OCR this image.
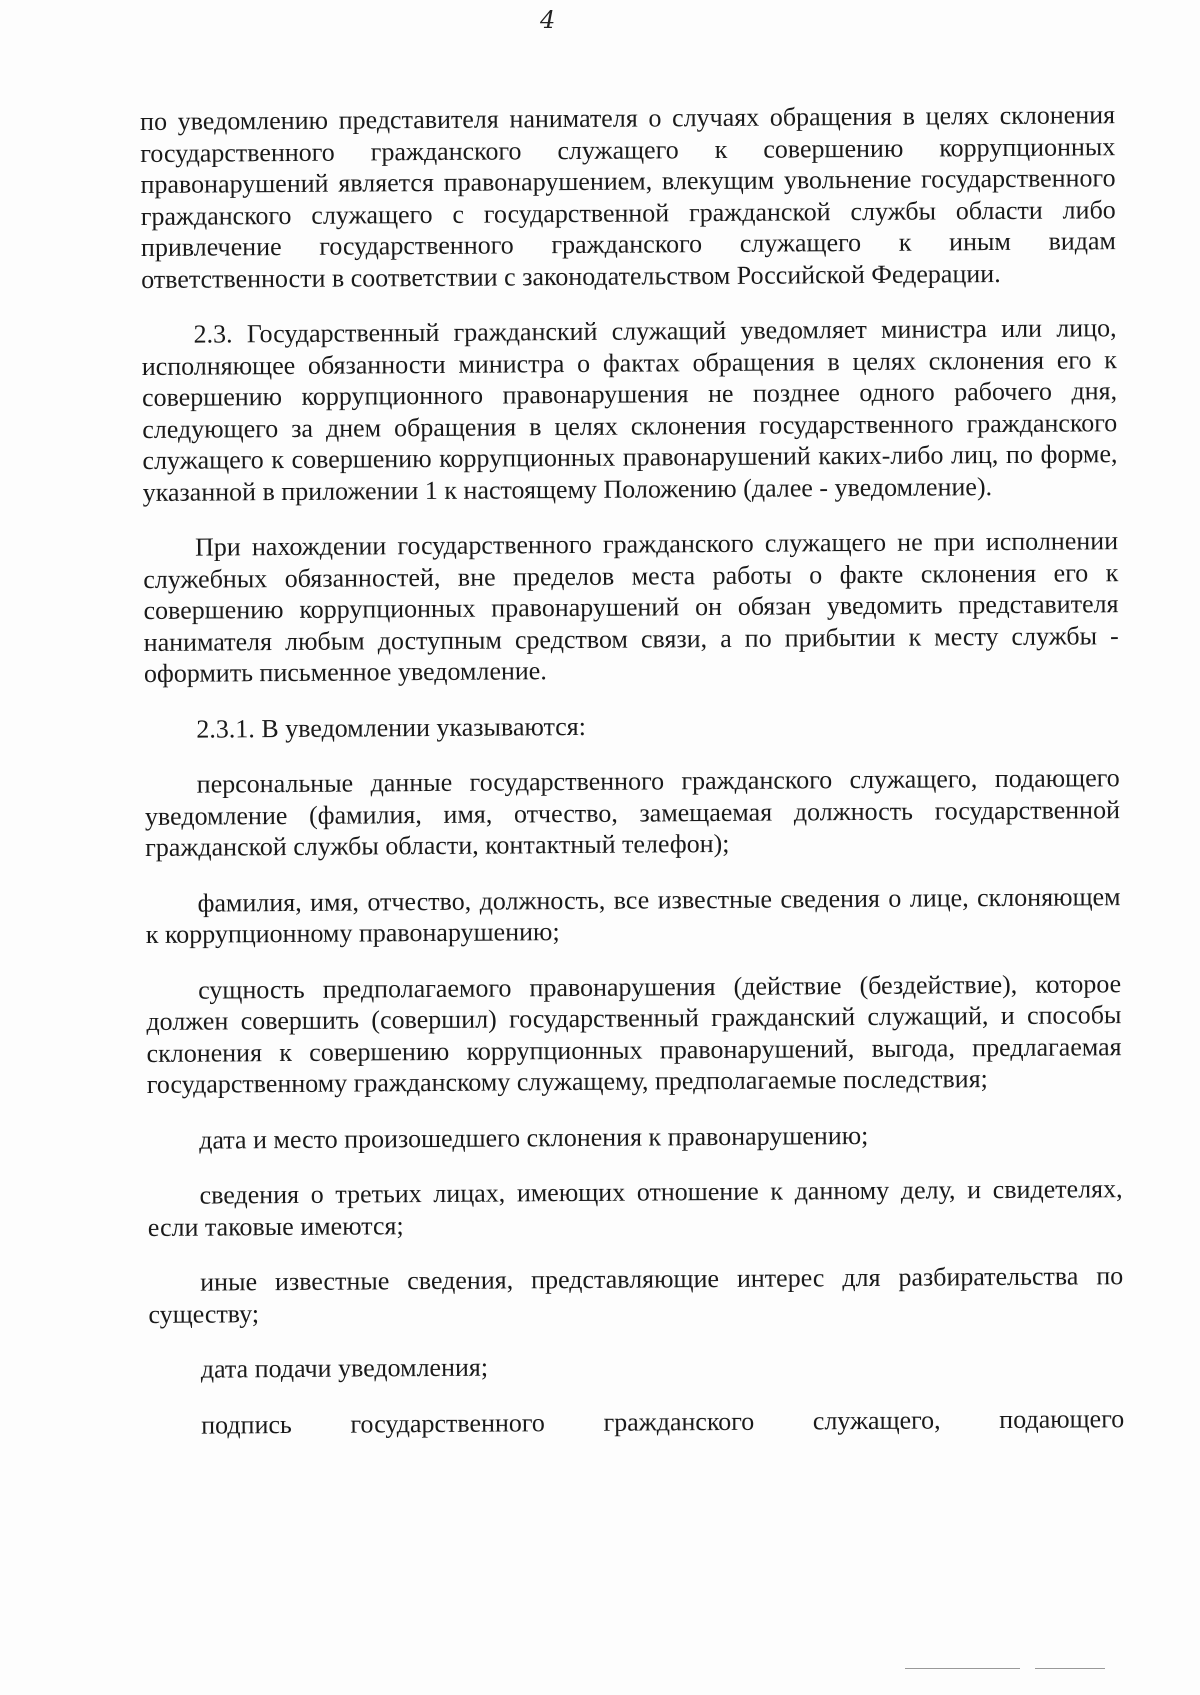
4

по уведомлению представителя нанимателя о случаях обращения в целях склонения государственного гражданского служащего к совершению коррупционных правонарушений является правонарушением, влекущим увольнение государственного гражданского служащего с государственной гражданской службы области либо привлечение государственного гражданского служащего к иным видам ответственности в соответствии с законодательством Российской Федерации.

2.3. Государственный гражданский служащий уведомляет министра или лицо, исполняющее обязанности министра о фактах обращения в целях склонения его к совершению коррупционного правонарушения не позднее одного рабочего дня, следующего за днем обращения в целях склонения государственного гражданского служащего к совершению коррупционных правонарушений каких-либо лиц, по форме, указанной в приложении 1 к настоящему Положению (далее - уведомление).

При нахождении государственного гражданского служащего не при исполнении служебных обязанностей, вне пределов места работы о факте склонения его к совершению коррупционных правонарушений он обязан уведомить представителя нанимателя любым доступным средством связи, а по прибытии к месту службы - оформить письменное уведомление.

2.3.1. В уведомлении указываются:

персональные данные государственного гражданского служащего, подающего уведомление (фамилия, имя, отчество, замещаемая должность государственной гражданской службы области, контактный телефон);

фамилия, имя, отчество, должность, все известные сведения о лице, склоняющем к коррупционному правонарушению;

сущность предполагаемого правонарушения (действие (бездействие), которое должен совершить (совершил) государственный гражданский служащий, и способы склонения к совершению коррупционных правонарушений, выгода, предлагаемая государственному гражданскому служащему, предполагаемые последствия;

дата и место произошедшего склонения к правонарушению;

сведения о третьих лицах, имеющих отношение к данному делу, и свидетелях, если таковые имеются;

иные известные сведения, представляющие интерес для разбирательства по существу;

дата подачи уведомления;

подпись государственного гражданского служащего, подающего
